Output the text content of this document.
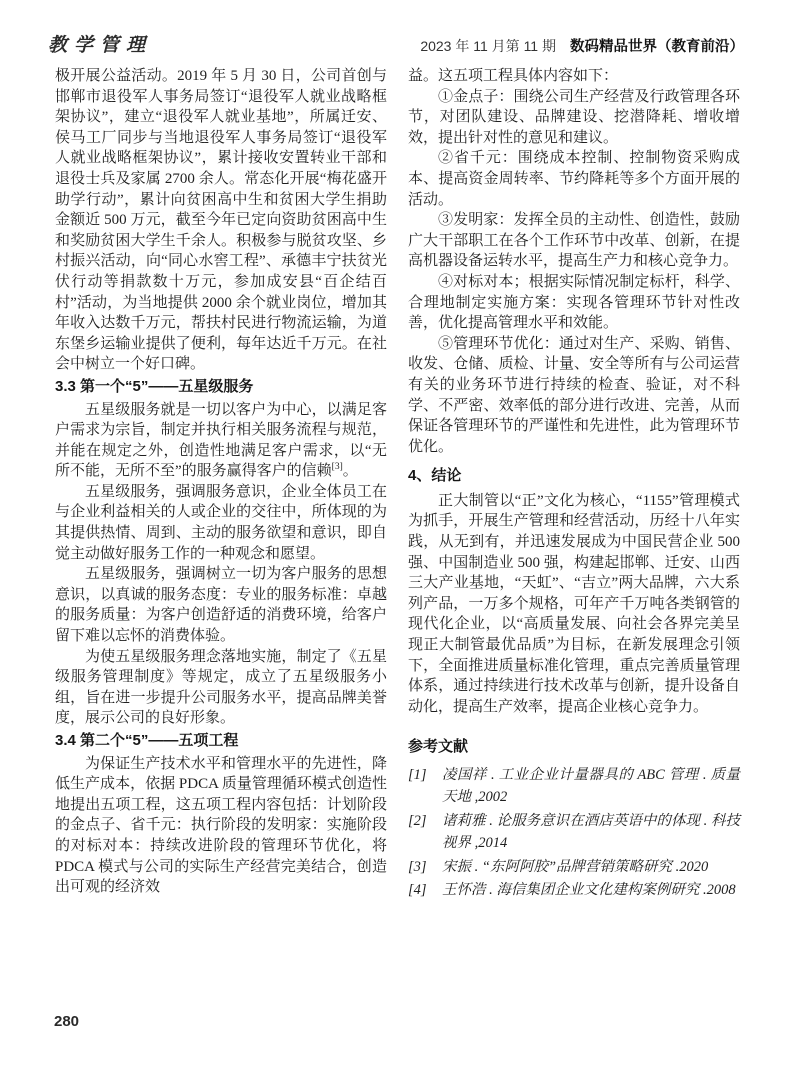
教学管理	2023 年 11 月第 11 期 数码精品世界（教育前沿）

极开展公益活动。2019 年 5 月 30 日，公司首创与邯郸市退役军人事务局签订“退役军人就业战略框架协议”，建立“退役军人就业基地”，所属迁安、侯马工厂同步与当地退役军人事务局签订“退役军人就业战略框架协议”，累计接收安置转业干部和退役士兵及家属 2700 余人。常态化开展“梅花盛开助学行动”，累计向贫困高中生和贫困大学生捐助金额近 500 万元，截至今年已定向资助贫困高中生和奖励贫困大学生千余人。积极参与脱贫攻坚、乡村振兴活动，向“同心水窖工程”、承德丰宁扶贫光伏行动等捐款数十万元，参加成安县“百企结百村”活动，为当地提供 2000 余个就业岗位，增加其年收入达数千万元，帮扶村民进行物流运输，为道东堡乡运输业提供了便利，每年达近千万元。在社会中树立一个好口碑。

3.3 第一个“5”——五星级服务

五星级服务就是一切以客户为中心，以满足客户需求为宗旨，制定并执行相关服务流程与规范，并能在规定之外，创造性地满足客户需求，以“无所不能，无所不至”的服务赢得客户的信赖[3]。

五星级服务，强调服务意识，企业全体员工在与企业利益相关的人或企业的交往中，所体现的为其提供热情、周到、主动的服务欲望和意识，即自觉主动做好服务工作的一种观念和愿望。

五星级服务，强调树立一切为客户服务的思想意识，以真诚的服务态度：专业的服务标准：卓越的服务质量：为客户创造舒适的消费环境，给客户留下难以忘怀的消费体验。

为使五星级服务理念落地实施，制定了《五星级服务管理制度》等规定，成立了五星级服务小组，旨在进一步提升公司服务水平，提高品牌美誉度，展示公司的良好形象。

3.4 第二个“5”——五项工程

为保证生产技术水平和管理水平的先进性，降低生产成本，依据 PDCA 质量管理循环模式创造性地提出五项工程，这五项工程内容包括：计划阶段的金点子、省千元：执行阶段的发明家：实施阶段的对标对本：持续改进阶段的管理环节优化，将 PDCA 模式与公司的实际生产经营完美结合，创造出可观的经济效

益。这五项工程具体内容如下：

①金点子：围绕公司生产经营及行政管理各环节，对团队建设、品牌建设、挖潜降耗、增收增效，提出针对性的意见和建议。

②省千元：围绕成本控制、控制物资采购成本、提高资金周转率、节约降耗等多个方面开展的活动。

③发明家：发挥全员的主动性、创造性，鼓励广大干部职工在各个工作环节中改革、创新，在提高机器设备运转水平，提高生产力和核心竞争力。

④对标对本；根据实际情况制定标杆，科学、合理地制定实施方案：实现各管理环节针对性改善，优化提高管理水平和效能。

⑤管理环节优化：通过对生产、采购、销售、收发、仓储、质检、计量、安全等所有与公司运营有关的业务环节进行持续的检查、验证，对不科学、不严密、效率低的部分进行改进、完善，从而保证各管理环节的严谨性和先进性，此为管理环节优化。

4、结论

正大制管以“正”文化为核心，“1155”管理模式为抓手，开展生产管理和经营活动，历经十八年实践，从无到有，并迅速发展成为中国民营企业 500 强、中国制造业 500 强，构建起邯郸、迁安、山西三大产业基地，“天虹”、“吉立”两大品牌，六大系列产品，一万多个规格，可年产千万吨各类钢管的现代化企业，以“高质量发展、向社会各界完美呈现正大制管最优品质”为目标，在新发展理念引领下，全面推进质量标准化管理，重点完善质量管理体系，通过持续进行技术改革与创新，提升设备自动化，提高生产效率，提高企业核心竞争力。

参考文献
[1]	凌国祥 . 工业企业计量器具的 ABC 管理 . 质量天地 ,2002
[2]	诸莉雅 . 论服务意识在酒店英语中的体现 . 科技视界 ,2014
[3]	宋振 . “东阿阿胶”品牌营销策略研究 .2020
[4]	王怀浩 . 海信集团企业文化建构案例研究 .2008
280
